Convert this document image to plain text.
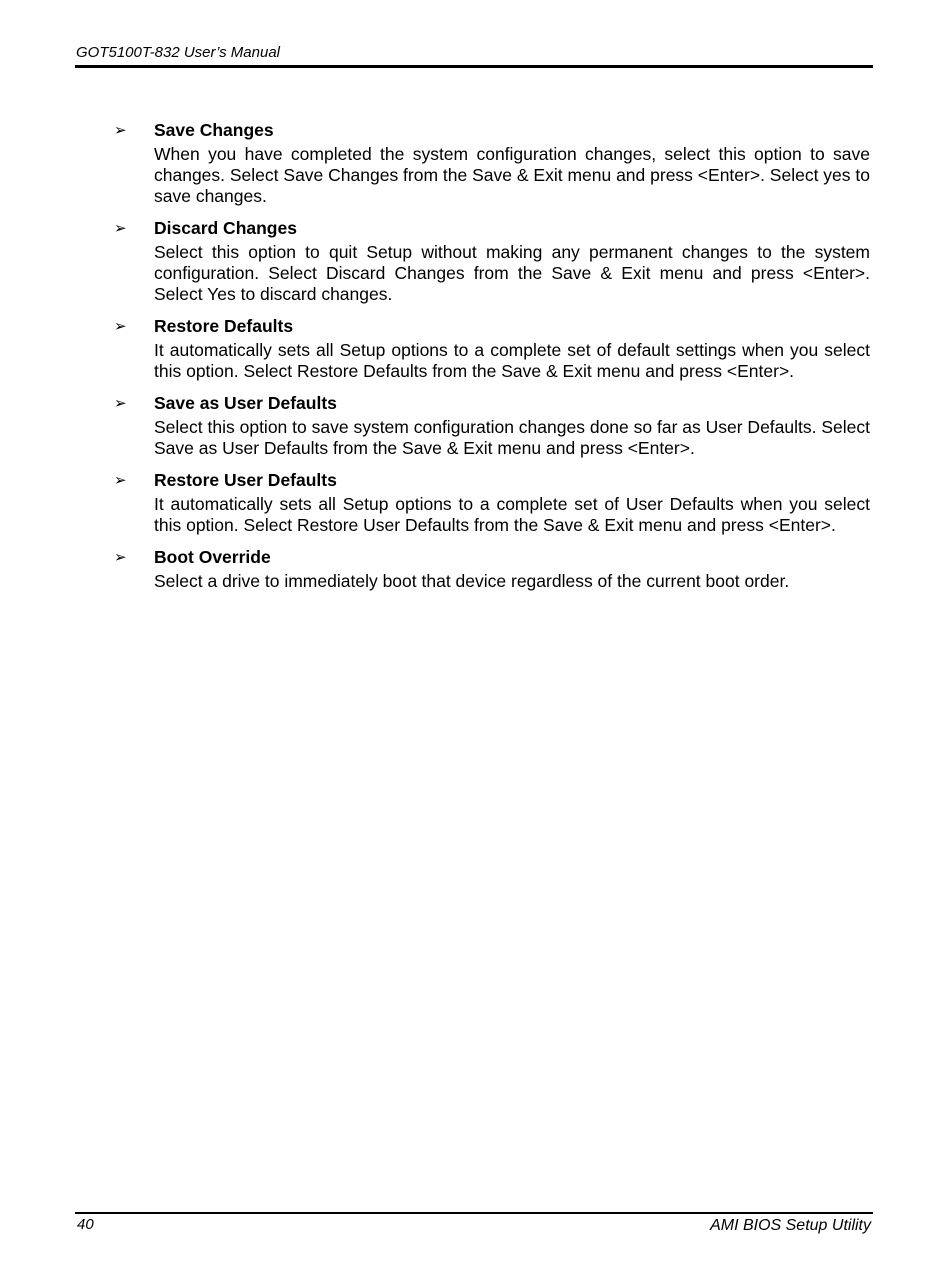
GOT5100T-832 User’s Manual
➢ Save Changes
When you have completed the system configuration changes, select this option to save changes. Select Save Changes from the Save & Exit menu and press <Enter>. Select yes to save changes.
➢ Discard Changes
Select this option to quit Setup without making any permanent changes to the system configuration. Select Discard Changes from the Save & Exit menu and press <Enter>. Select Yes to discard changes.
➢ Restore Defaults
It automatically sets all Setup options to a complete set of default settings when you select this option. Select Restore Defaults from the Save & Exit menu and press <Enter>.
➢ Save as User Defaults
Select this option to save system configuration changes done so far as User Defaults. Select Save as User Defaults from the Save & Exit menu and press <Enter>.
➢ Restore User Defaults
It automatically sets all Setup options to a complete set of User Defaults when you select this option. Select Restore User Defaults from the Save & Exit menu and press <Enter>.
➢ Boot Override
Select a drive to immediately boot that device regardless of the current boot order.
40	AMI BIOS Setup Utility
